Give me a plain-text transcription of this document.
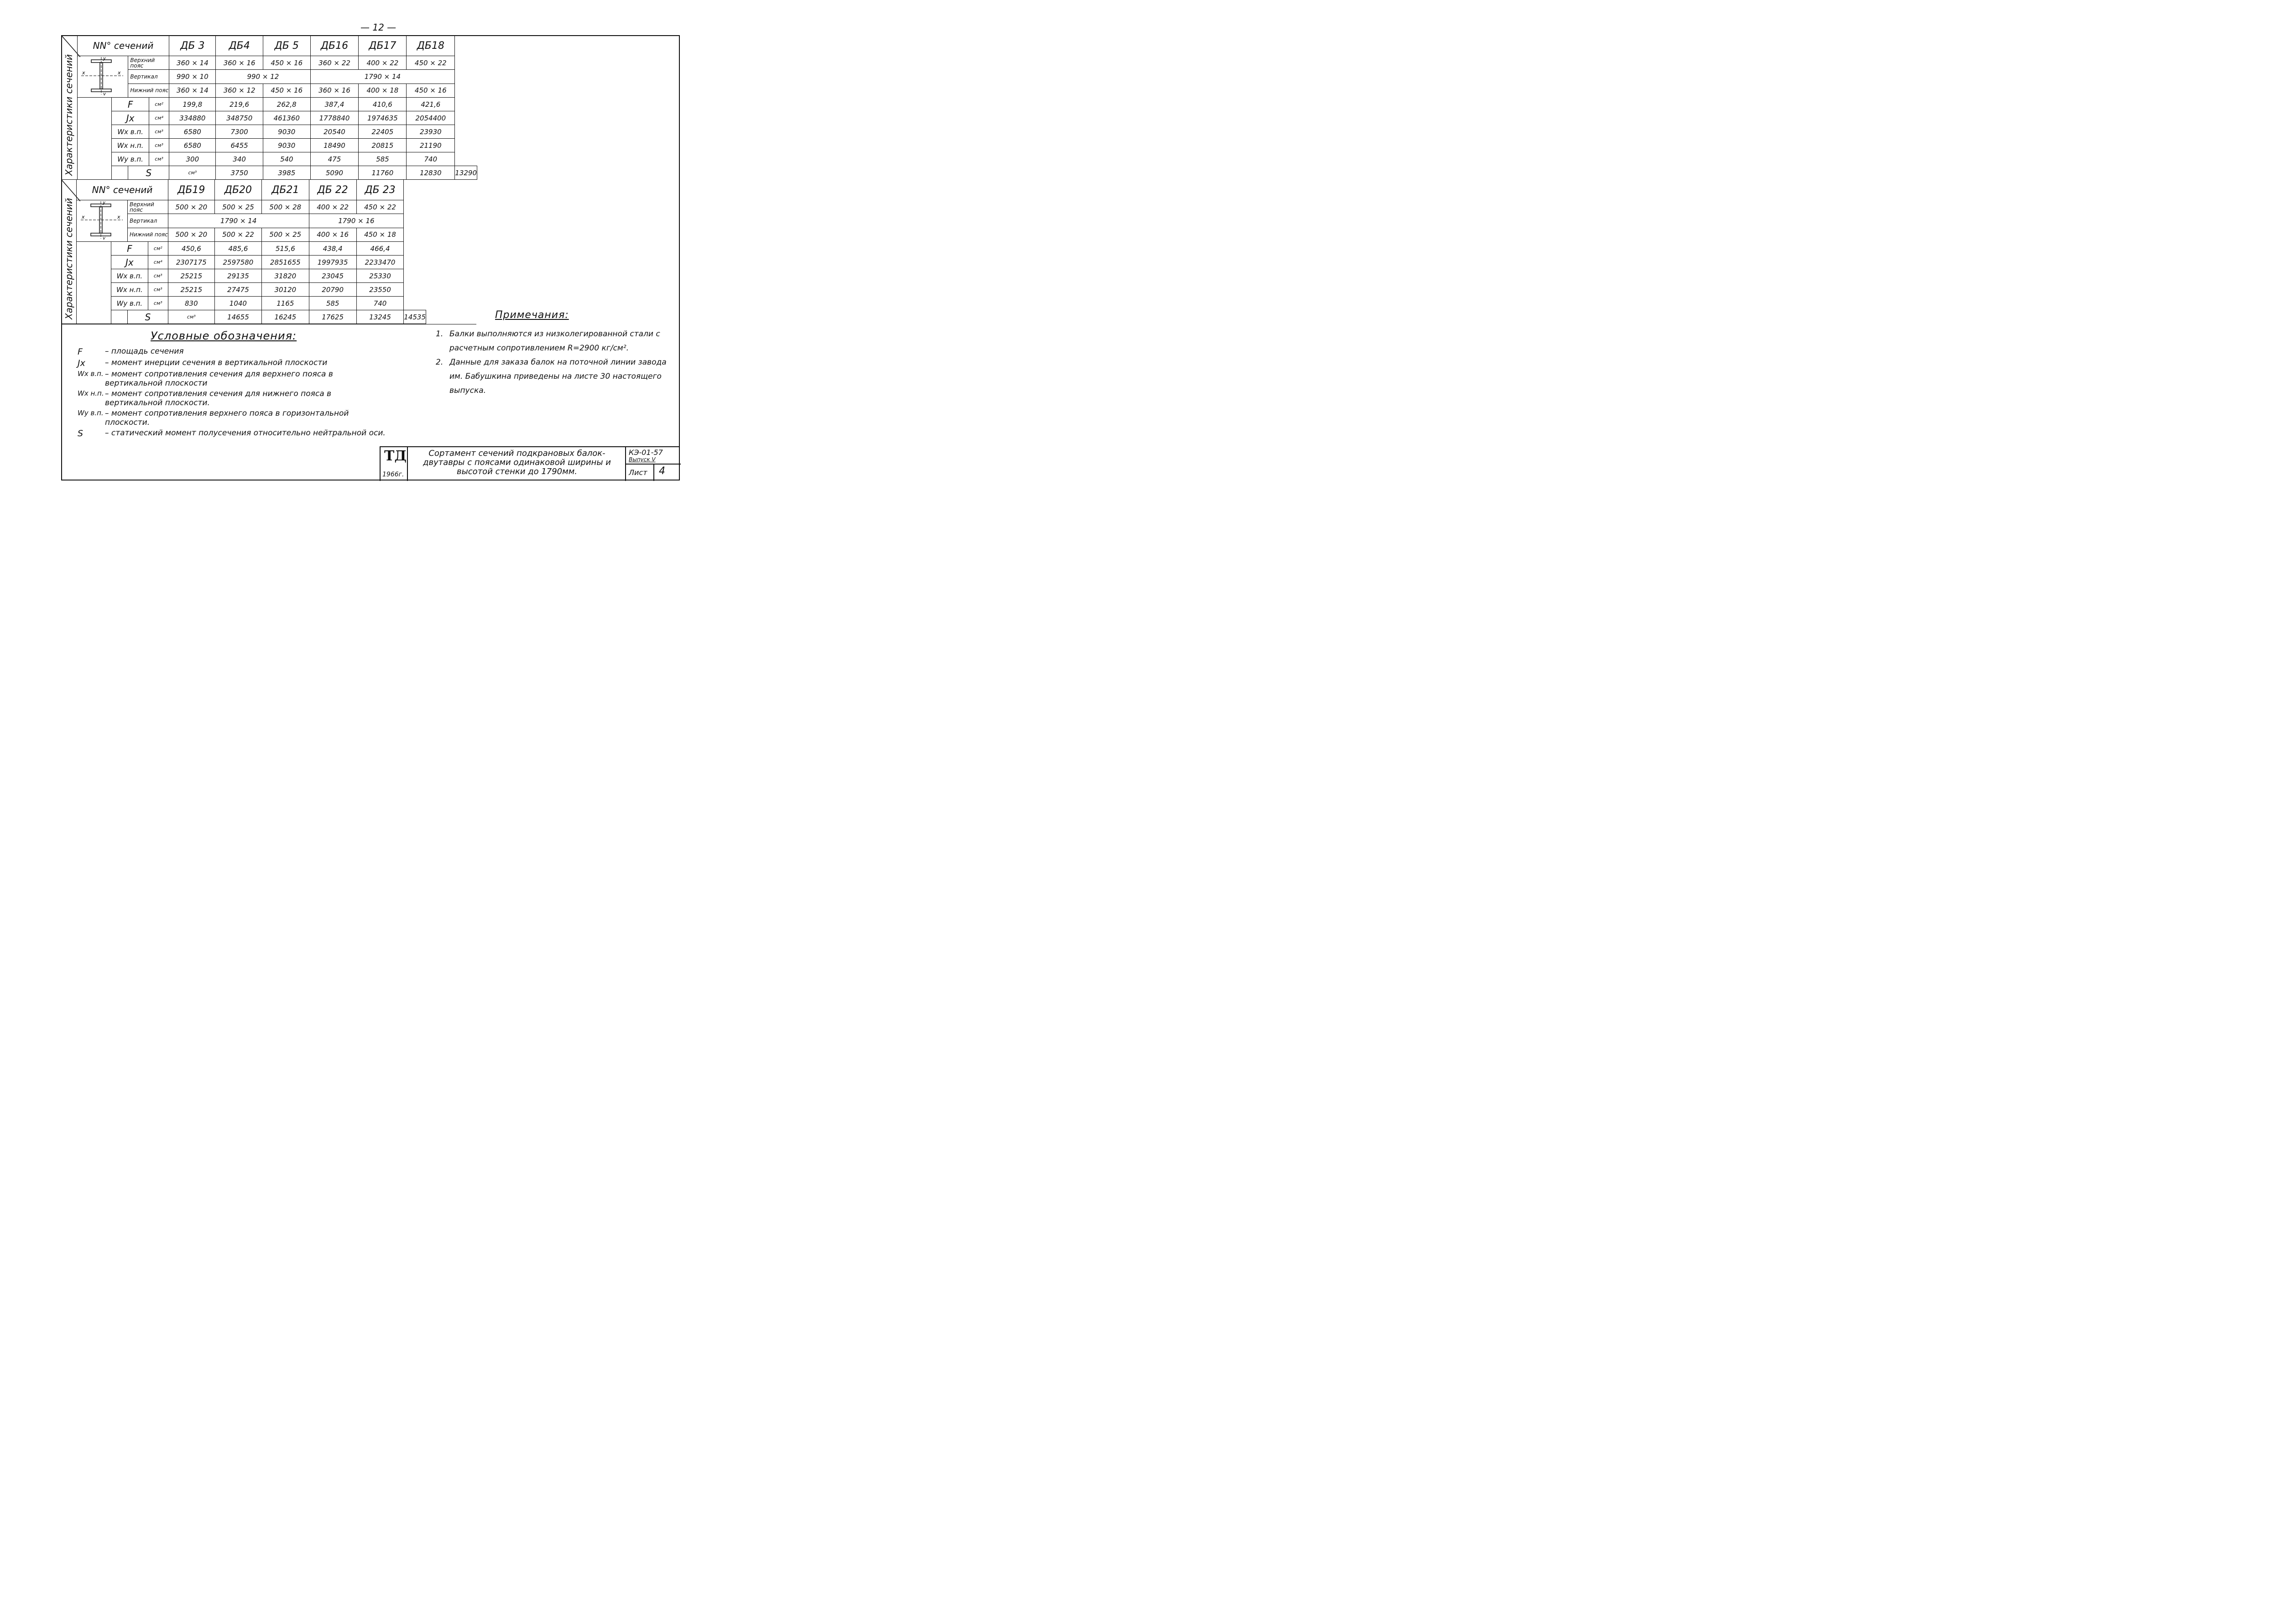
— 12 —
Характеристики сечений
Характеристики сечений
	NN° сечений				ДБ 3	ДБ4	ДБ 5	ДБ16	ДБ17	ДБ18	

x x
y
y		Верхний пояс		360 × 14	360 × 16	450 × 16	360 × 22	400 × 22	450 × 22	
			Вертикал		990 × 10	990 × 12		1790 × 14			
			Нижний пояс		360 × 14	360 × 12	450 × 16	360 × 16	400 × 18	450 × 16	
		F		см²	199,8	219,6	262,8	387,4	410,6	421,6	
		Jx		см⁴	334880	348750	461360	1778840	1974635	2054400	
		Wx в.п.		см³	6580	7300	9030	20540	22405	23930	
		Wx н.п.		см³	6580	6455	9030	18490	20815	21190	
		Wy в.п.		см³	300	340	540	475	585	740	
			S		см³	3750	3985	5090	11760	12830	13290
	NN° сечений				ДБ19	ДБ20	ДБ21	ДБ 22	ДБ 23	

x x
y
y		Верхний пояс		500 × 20	500 × 25	500 × 28	400 × 22	450 × 22	
			Вертикал		1790 × 14			1790 × 16		
			Нижний пояс		500 × 20	500 × 22	500 × 25	400 × 16	450 × 18	
		F		см²	450,6	485,6	515,6	438,4	466,4	
		Jx		см⁴	2307175	2597580	2851655	1997935	2233470	
		Wx в.п.		см³	25215	29135	31820	23045	25330	
		Wx н.п.		см³	25215	27475	30120	20790	23550	
		Wy в.п.		см³	830	1040	1165	585	740	
			S		см³	14655	16245	17625	13245	14535
Условные обозначения:
F	– площадь сечения
Jx	– момент инерции сечения в вертикальной плоскости
Wx в.п. – момент сопротивления сечения для верхнего пояса в вертикальной плоскости
Wx н.п. – момент сопротивления сечения для нижнего пояса в вертикальной плоскости.
Wy в.п. – момент сопротивления верхнего пояса в горизонтальной плоскости.
S	– статический момент полусечения относительно нейтральной оси.
Примечания:
1. Балки выполняются из низколегированной стали с расчетным сопротивлением R=2900 кг/см².
2. Данные для заказа балок на поточной линии завода им. Бабушкина приведены на листе 30 настоящего выпуска.
ТД
1966г.
Сортамент сечений подкрановых балок-двутавры с поясами одинаковой ширины и высотой стенки до 1790мм.
КЭ-01-57
Выпуск V
Лист 4
